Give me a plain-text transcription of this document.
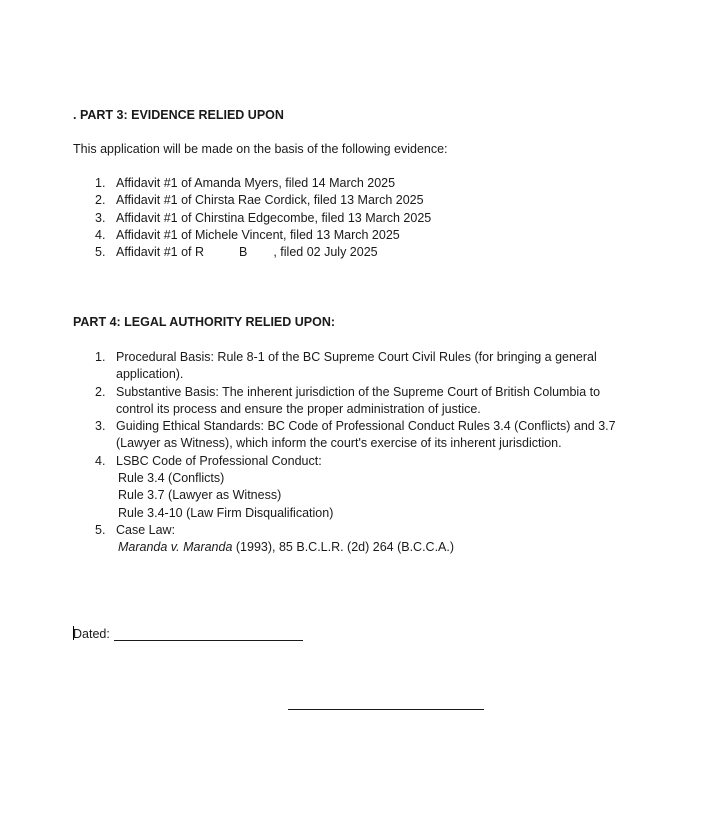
. PART 3: EVIDENCE RELIED UPON
This application will be made on the basis of the following evidence:
1. Affidavit #1 of Amanda Myers, filed 14 March 2025
2. Affidavit #1 of Chirsta Rae Cordick, filed 13 March 2025
3. Affidavit #1 of Chirstina Edgecombe, filed 13 March 2025
4. Affidavit #1 of Michele Vincent, filed 13 March 2025
5. Affidavit #1 of R	B , filed 02 July 2025
PART 4: LEGAL AUTHORITY RELIED UPON:
1. Procedural Basis: Rule 8-1 of the BC Supreme Court Civil Rules (for bringing a general
application).
2. Substantive Basis: The inherent jurisdiction of the Supreme Court of British Columbia to
control its process and ensure the proper administration of justice.
3. Guiding Ethical Standards: BC Code of Professional Conduct Rules 3.4 (Conflicts) and 3.7
(Lawyer as Witness), which inform the court's exercise of its inherent jurisdiction.
4. LSBC Code of Professional Conduct:
Rule 3.4 (Conflicts)
Rule 3.7 (Lawyer as Witness)
Rule 3.4-10 (Law Firm Disqualification)
5. Case Law:
Maranda v. Maranda (1993), 85 B.C.L.R. (2d) 264 (B.C.C.A.)
Dated:
